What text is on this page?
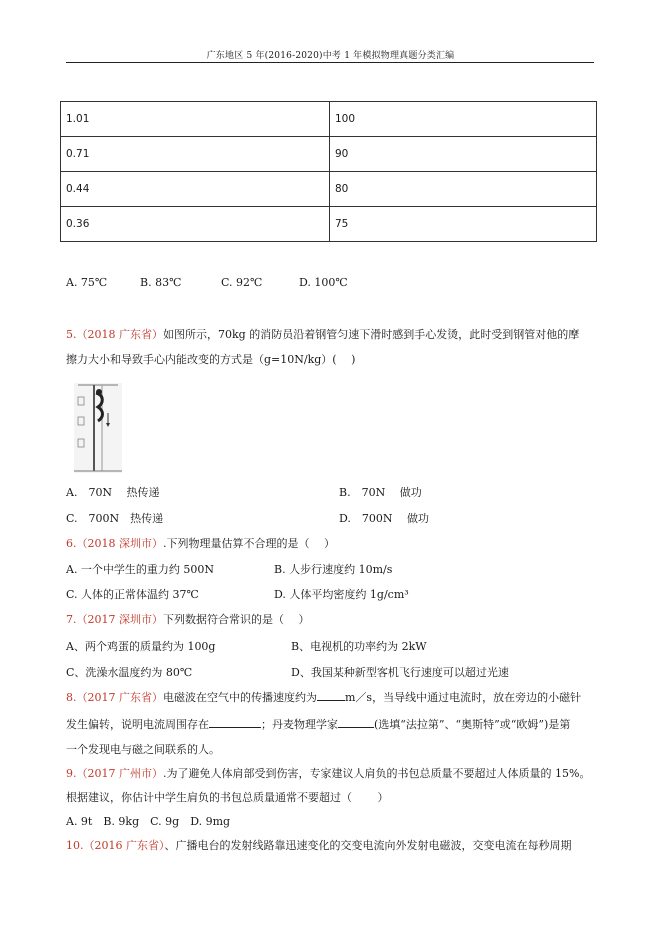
广东地区 5 年(2016-2020)中考 1 年模拟物理真题分类汇编
1.01	100
0.71	90
0.44	80
0.36	75
A. 75℃	B. 83℃	C. 92℃	D. 100℃
5.（2018 广东省）如图所示，70kg 的消防员沿着钢管匀速下滑时感到手心发烫，此时受到钢管对他的摩
擦力大小和导致手心内能改变的方式是（g=10N/kg）(　 )
A.　70N　 热传递	B.　70N　 做功
C.　700N　热传递	D.　700N　 做功
6.（2018 深圳市）.下列物理量估算不合理的是（　 ）
A. 一个中学生的重力约 500N	B. 人步行速度约 10m/s
C. 人体的正常体温约 37℃	D. 人体平均密度约 1g/cm³
7.（2017 深圳市）下列数据符合常识的是（　 ）
A、两个鸡蛋的质量约为 100g	B、电视机的功率约为 2kW
C、洗澡水温度约为 80℃	D、我国某种新型客机飞行速度可以超过光速
8.（2017 广东省）电磁波在空气中的传播速度约为	m／s，当导线中通过电流时，放在旁边的小磁针
发生偏转，说明电流周围存在	；丹麦物理学家	(选填“法拉第”、“奥斯特”或“欧姆”)是第
一个发现电与磁之间联系的人。
9.（2017 广州市）.为了避免人体肩部受到伤害，专家建议人肩负的书包总质量不要超过人体质量的 15%。
根据建议，你估计中学生肩负的书包总质量通常不要超过（　　 ）
A. 9t　B. 9kg　C. 9g　D. 9mg
10.（2016 广东省）、广播电台的发射线路靠迅速变化的交变电流向外发射电磁波，交变电流在每秒周期
